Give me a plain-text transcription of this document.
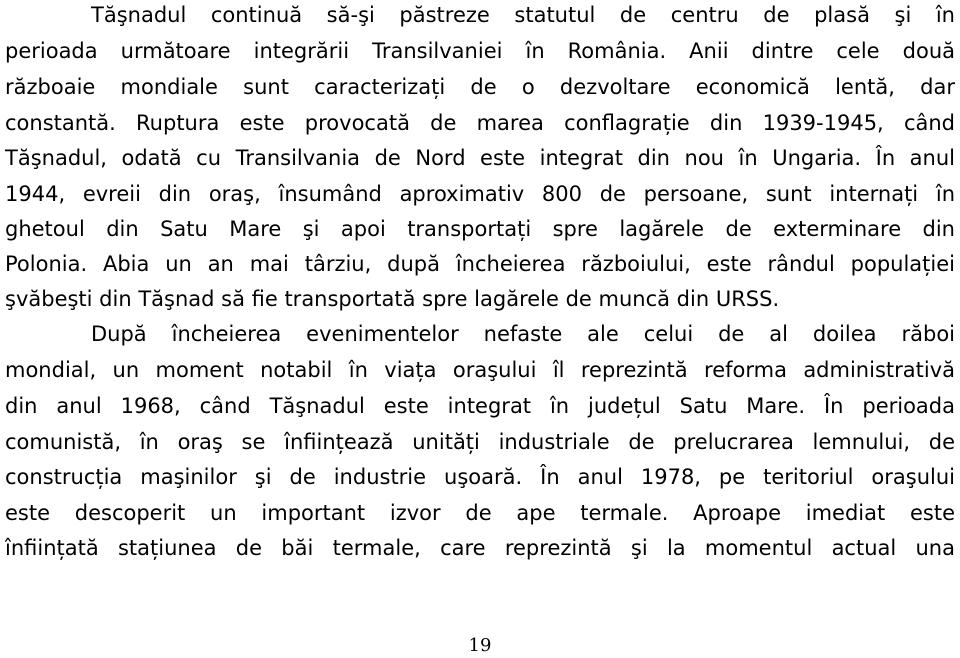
Tăşnadul continuă să-şi păstreze statutul de centru de plasă şi în
perioada următoare integrării Transilvaniei în România. Anii dintre cele două
războaie mondiale sunt caracterizați de o dezvoltare economică lentă, dar
constantă. Ruptura este provocată de marea conflagrație din 1939-1945, când
Tăşnadul, odată cu Transilvania de Nord este integrat din nou în Ungaria. În anul
1944, evreii din oraş, însumând aproximativ 800 de persoane, sunt internați în
ghetoul din Satu Mare şi apoi transportați spre lagărele de exterminare din
Polonia. Abia un an mai târziu, după încheierea războiului, este rândul populației
şvăbeşti din Tăşnad să fie transportată spre lagărele de muncă din URSS.
După încheierea evenimentelor nefaste ale celui de al doilea răboi
mondial, un moment notabil în viața oraşului îl reprezintă reforma administrativă
din anul 1968, când Tăşnadul este integrat în județul Satu Mare. În perioada
comunistă, în oraş se înființează unități industriale de prelucrarea lemnului, de
construcția maşinilor şi de industrie uşoară. În anul 1978, pe teritoriul oraşului
este descoperit un important izvor de ape termale. Aproape imediat este
înființată stațiunea de băi termale, care reprezintă şi la momentul actual una
19
